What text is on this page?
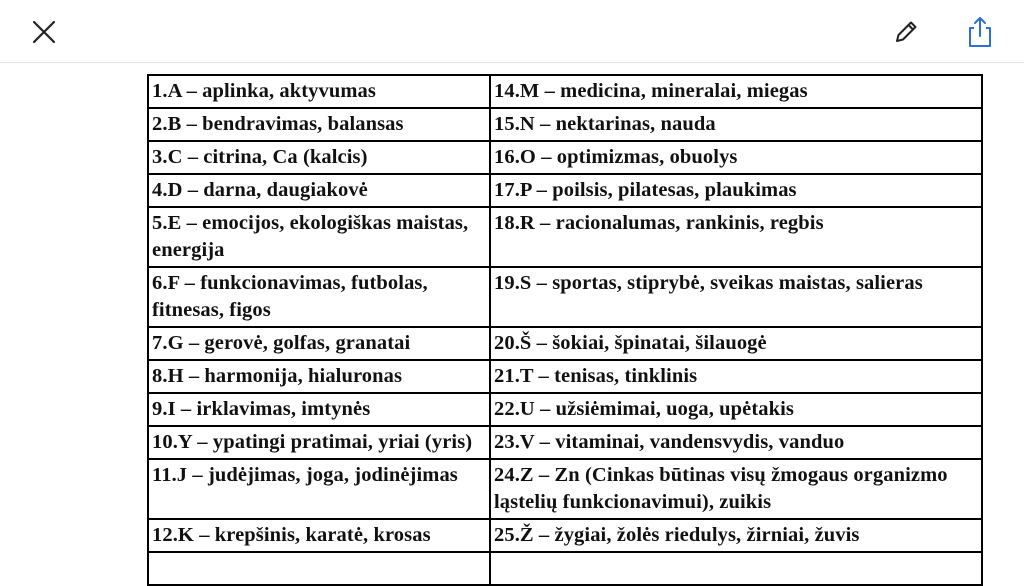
1.A – aplinka, aktyvumas	14.M – medicina, mineralai, miegas
2.B – bendravimas, balansas	15.N – nektarinas, nauda
3.C – citrina, Ca (kalcis)	16.O – optimizmas, obuolys
4.D – darna, daugiakovė	17.P – poilsis, pilatesas, plaukimas
5.E – emocijos, ekologiškas maistas, energija	18.R – racionalumas, rankinis, regbis
6.F – funkcionavimas, futbolas, fitnesas, figos	19.S – sportas, stiprybė, sveikas maistas, salieras
7.G – gerovė, golfas, granatai	20.Š – šokiai, špinatai, šilauogė
8.H – harmonija, hialuronas	21.T – tenisas, tinklinis
9.I – irklavimas, imtynės	22.U – užsiėmimai, uoga, upėtakis
10.Y – ypatingi pratimai, yriai (yris)	23.V – vitaminai, vandensvydis, vanduo
11.J – judėjimas, joga, jodinėjimas	24.Z – Zn (Cinkas būtinas visų žmogaus organizmo ląstelių funkcionavimui), zuikis
12.K – krepšinis, karatė, krosas	25.Ž – žygiai, žolės riedulys, žirniai, žuvis
